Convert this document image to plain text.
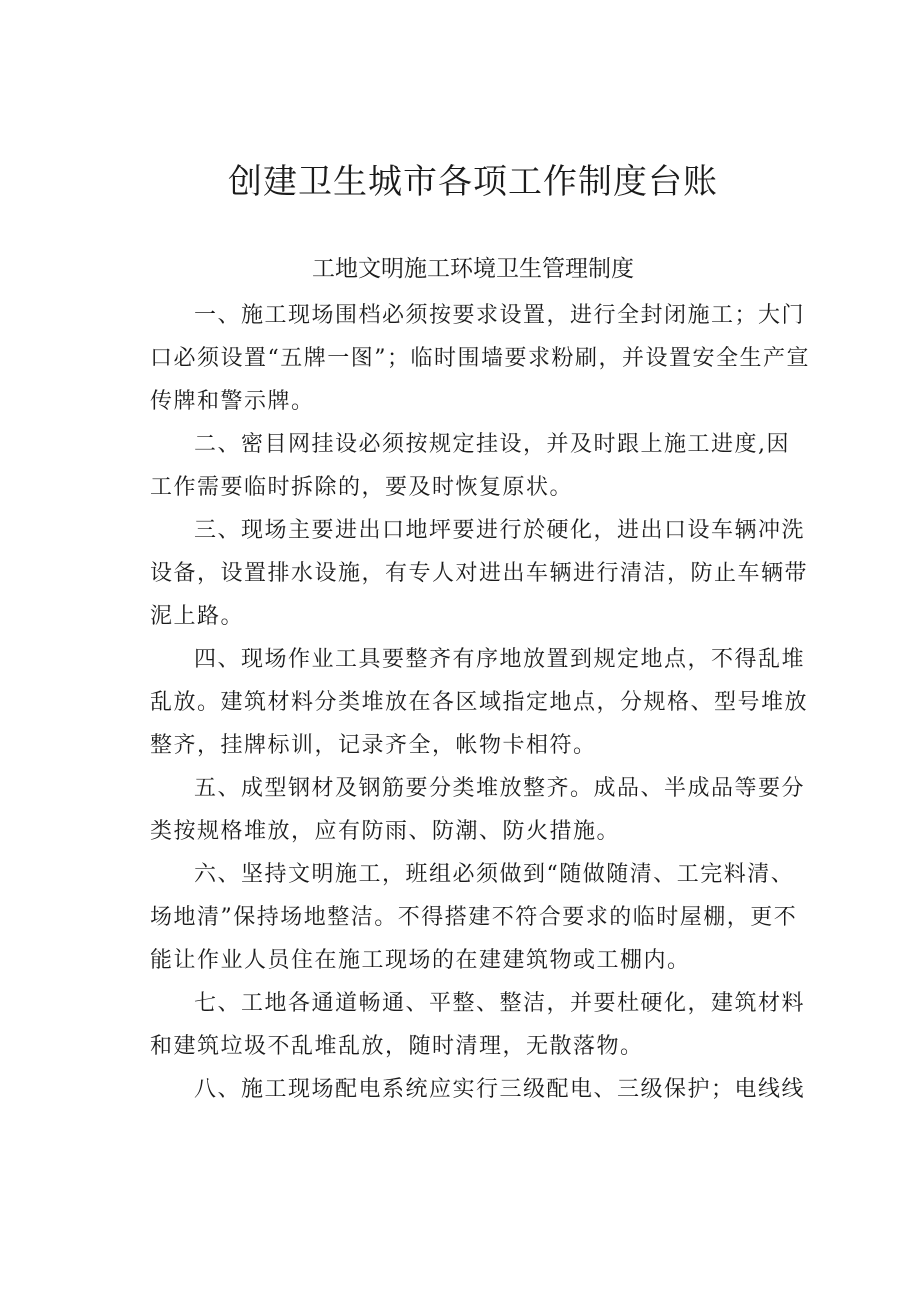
创建卫生城市各项工作制度台账
工地文明施工环境卫生管理制度

一、施工现场围档必须按要求设置，进行全封闭施工；大门口必须设置“五牌一图”；临时围墙要求粉刷，并设置安全生产宣传牌和警示牌。

二、密目网挂设必须按规定挂设，并及时跟上施工进度,因工作需要临时拆除的，要及时恢复原状。

三、现场主要进出口地坪要进行於硬化，进出口设车辆冲洗设备，设置排水设施，有专人对进出车辆进行清洁，防止车辆带泥上路。

四、现场作业工具要整齐有序地放置到规定地点，不得乱堆乱放。建筑材料分类堆放在各区域指定地点，分规格、型号堆放整齐，挂牌标训，记录齐全，帐物卡相符。

五、成型钢材及钢筋要分类堆放整齐。成品、半成品等要分类按规格堆放，应有防雨、防潮、防火措施。

六、坚持文明施工，班组必须做到“随做随清、工完料清、场地清”保持场地整洁。不得搭建不符合要求的临时屋棚，更不能让作业人员住在施工现场的在建建筑物或工棚内。

七、工地各通道畅通、平整、整洁，并要杜硬化，建筑材料和建筑垃圾不乱堆乱放，随时清理，无散落物。

八、施工现场配电系统应实行三级配电、三级保护；电线线
